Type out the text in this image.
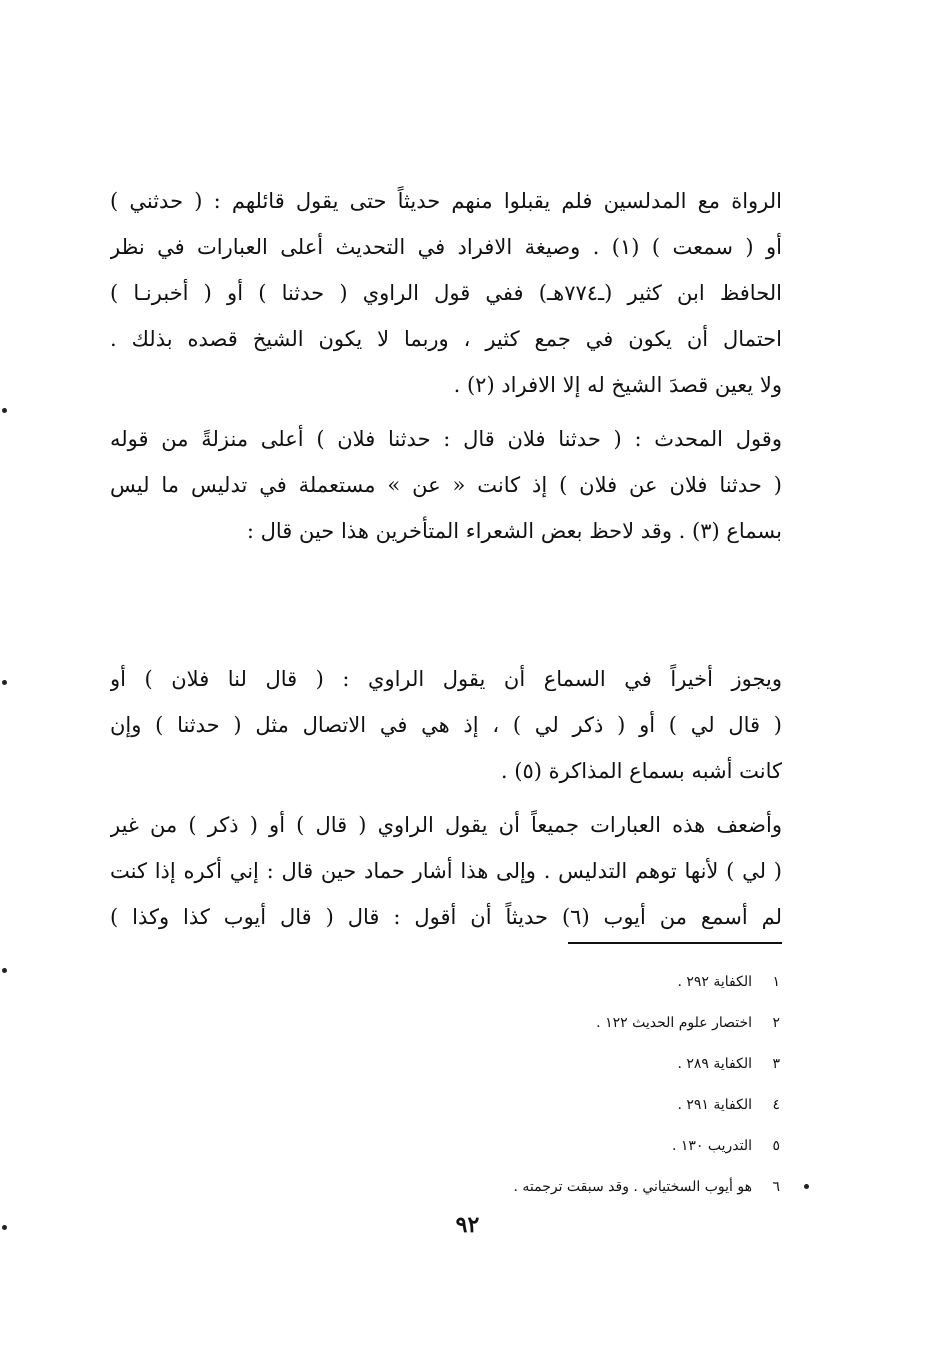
الرواة مع المدلسين فلم يقبلوا منهم حديثاً حتى يقول قائلهم : ( حدثني )
أو ( سمعت ) (١) . وصيغة الافراد في التحديث أعلى العبارات في نظر
الحافظ ابن كثير (ـ٧٧٤هـ) ففي قول الراوي ( حدثنا ) أو ( أخبرنـا )
احتمال أن يكون في جمع كثير ، وربما لا يكون الشيخ قصده بذلك .
ولا يعين قصدَ الشيخ له إلا الافراد (٢) .
وقول المحدث : ( حدثنا فلان قال : حدثنا فلان ) أعلى منزلةً من قوله
( حدثنا فلان عن فلان ) إذ كانت « عن » مستعملة في تدليس ما ليس
بسماع (٣) . وقد لاحظ بعض الشعراء المتأخرين هذا حين قال :
ويجوز أخيراً في السماع أن يقول الراوي : ( قال لنا فلان ) أو
( قال لي ) أو ( ذكر لي ) ، إذ هي في الاتصال مثل ( حدثنا ) وإن
كانت أشبه بسماع المذاكرة (٥) .
وأضعف هذه العبارات جميعاً أن يقول الراوي ( قال ) أو ( ذكر ) من غير
( لي ) لأنها توهم التدليس . وإلى هذا أشار حماد حين قال : إني أكره إذا كنت
لم أسمع من أيوب (٦) حديثاً أن أقول : قال ( قال أيوب كذا وكذا )
١الكفاية ٢٩٢ .
٢اختصار علوم الحديث ١٢٢ .
٣الكفاية ٢٨٩ .
٤الكفاية ٢٩١ .
٥التدريب ١٣٠ .
٦هو أيوب السختياني . وقد سبقت ترجمته .
٩٢
